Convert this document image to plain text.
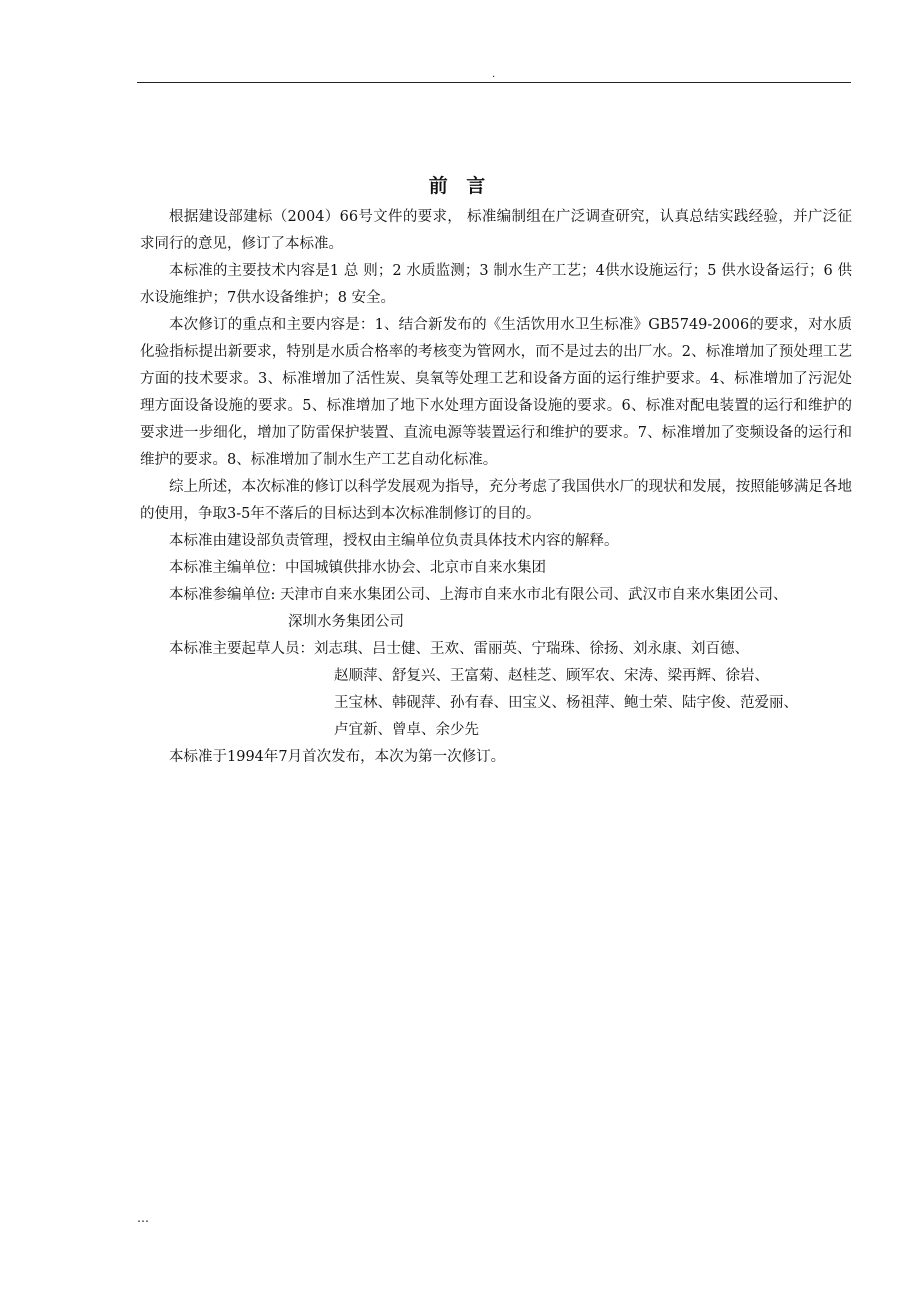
.
前 言

根据建设部建标（2004）66号文件的要求， 标准编制组在广泛调查研究，认真总结实践经验，并广泛征求同行的意见，修订了本标准。

本标准的主要技术内容是1 总 则；2 水质监测；3 制水生产工艺；4供水设施运行；5 供水设备运行；6 供水设施维护；7供水设备维护；8 安全。

本次修订的重点和主要内容是：1、结合新发布的《生活饮用水卫生标准》GB5749-2006的要求，对水质化验指标提出新要求，特别是水质合格率的考核变为管网水，而不是过去的出厂水。2、标准增加了预处理工艺方面的技术要求。3、标准增加了活性炭、臭氧等处理工艺和设备方面的运行维护要求。4、标准增加了污泥处理方面设备设施的要求。5、标准增加了地下水处理方面设备设施的要求。6、标准对配电装置的运行和维护的要求进一步细化，增加了防雷保护装置、直流电源等装置运行和维护的要求。7、标准增加了变频设备的运行和维护的要求。8、标准增加了制水生产工艺自动化标准。

综上所述，本次标准的修订以科学发展观为指导，充分考虑了我国供水厂的现状和发展，按照能够满足各地的使用，争取3-5年不落后的目标达到本次标准制修订的目的。

本标准由建设部负责管理，授权由主编单位负责具体技术内容的解释。

本标准主编单位：中国城镇供排水协会、北京市自来水集团

本标准参编单位: 天津市自来水集团公司、上海市自来水市北有限公司、武汉市自来水集团公司、

深圳水务集团公司

本标准主要起草人员：刘志琪、吕士健、王欢、雷丽英、宁瑞珠、徐扬、刘永康、刘百德、

赵顺萍、舒复兴、王富菊、赵桂芝、顾军农、宋涛、梁再辉、徐岩、

王宝林、韩砚萍、孙有春、田宝义、杨祖萍、鲍士荣、陆宇俊、范爱丽、

卢宜新、曾卓、余少先

本标准于1994年7月首次发布，本次为第一次修订。

…
